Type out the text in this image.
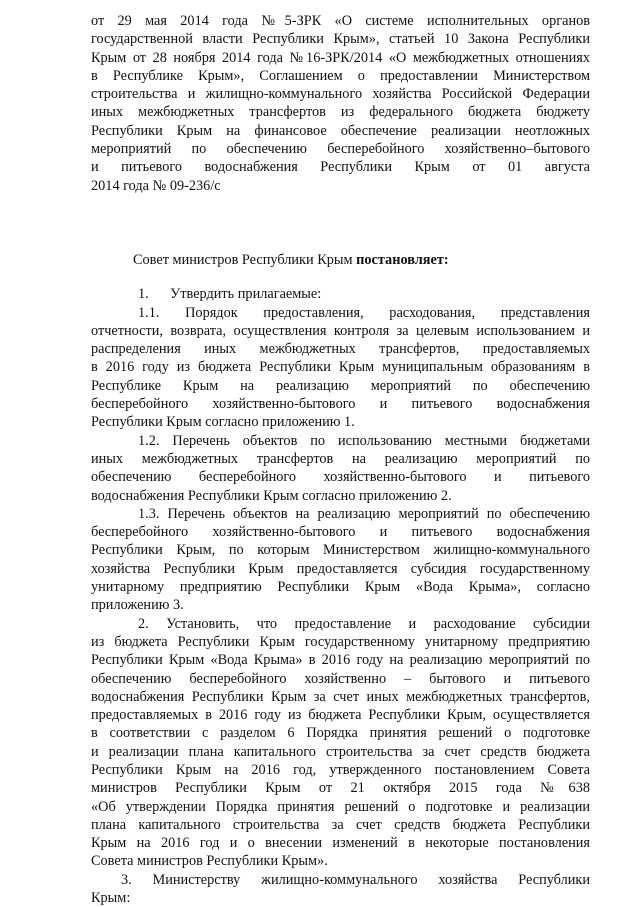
от 29 мая 2014 года №5-ЗРК «О системе исполнительных органов
государственной власти Республики Крым», статьей 10 Закона Республики
Крым от 28 ноября 2014 года №16-ЗРК/2014 «О межбюджетных отношениях
в Республике Крым», Соглашением о предоставлении Министерством
строительства и жилищно-коммунального хозяйства Российской Федерации
иных межбюджетных трансфертов из федерального бюджета бюджету
Республики Крым на финансовое обеспечение реализации неотложных
мероприятий по обеспечению бесперебойного хозяйственно–бытового
и питьевого водоснабжения Республики Крым от 01 августа
2014 года № 09-236/с
Совет министров Республики Крым постановляет:
1.      Утвердить прилагаемые:
1.1.     Порядок     предоставления,     расходования,     представления
отчетности, возврата, осуществления контроля за целевым использованием и
распределения иных межбюджетных трансфертов, предоставляемых
в 2016 году из бюджета Республики Крым муниципальным образованиям в
Республике Крым на реализацию мероприятий по обеспечению
бесперебойного хозяйственно-бытового и питьевого водоснабжения
Республики Крым согласно приложению 1.
1.2. Перечень объектов по использованию местными бюджетами
иных межбюджетных трансфертов на реализацию мероприятий по
обеспечению бесперебойного хозяйственно-бытового и питьевого
водоснабжения Республики Крым согласно приложению 2.
1.3. Перечень объектов на реализацию мероприятий по обеспечению
бесперебойного хозяйственно-бытового и питьевого водоснабжения
Республики Крым, по которым Министерством жилищно-коммунального
хозяйства Республики Крым предоставляется субсидия государственному
унитарному предприятию Республики Крым «Вода Крыма», согласно
приложению 3.
2. Установить, что предоставление и расходование субсидии
из бюджета Республики Крым государственному унитарному предприятию
Республики Крым «Вода Крыма» в 2016 году на реализацию мероприятий по
обеспечению бесперебойного хозяйственно – бытового и питьевого
водоснабжения Республики Крым за счет иных межбюджетных трансфертов,
предоставляемых в 2016 году из бюджета Республики Крым, осуществляется
в соответствии с разделом 6 Порядка принятия решений о подготовке
и реализации плана капитального строительства за счет средств бюджета
Республики Крым на 2016 год, утвержденного постановлением Совета
министров Республики Крым от 21 октября 2015 года №638
«Об утверждении Порядка принятия решений о подготовке и реализации
плана капитального строительства за счет средств бюджета Республики
Крым на 2016 год и о внесении изменений в некоторые постановления
Совета министров Республики Крым».
3. Министерству жилищно-коммунального хозяйства Республики
Крым:
